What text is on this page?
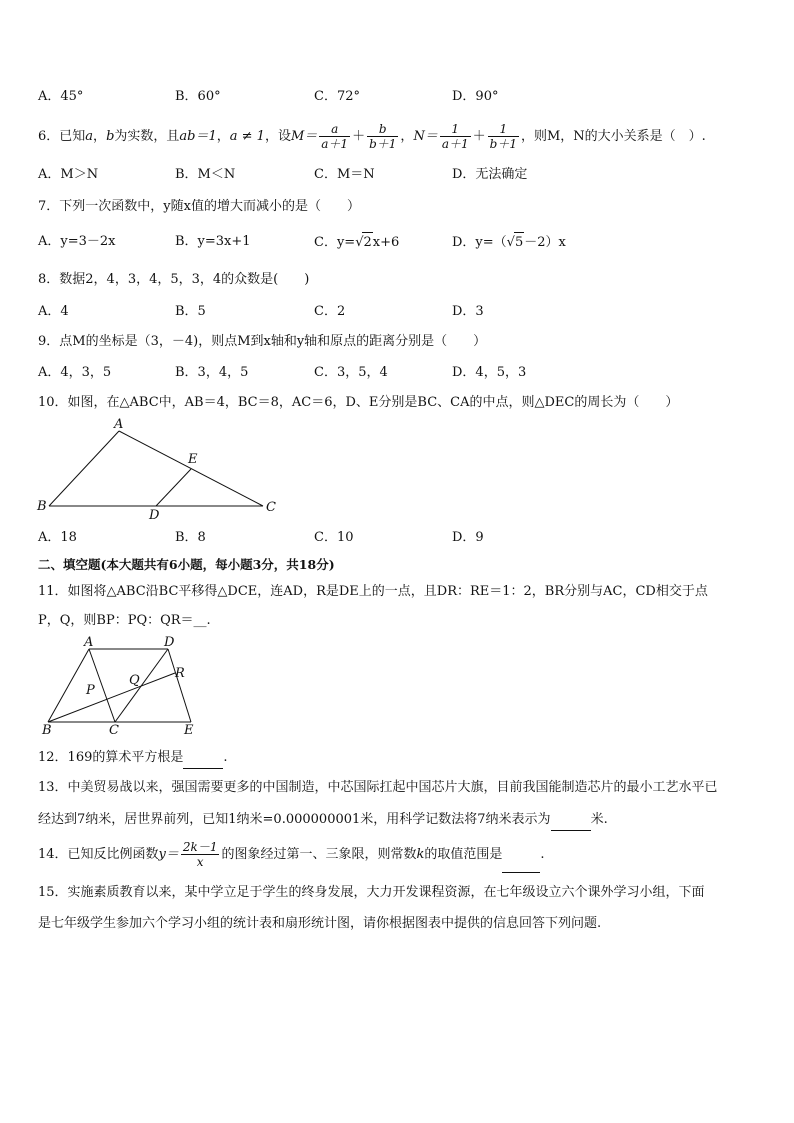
A．45°	B．60°	C．72°	D．90°
6．已知a，b为实数，且ab＝1，a ≠ 1，设$M= \frac{a}{a+1} + \frac{b}{b+1}$ ，$N= \frac{1}{a+1} + \frac{1}{b+1}$ ，则M，N的大小关系是（　）.
A．M＞N	B．M＜N	C．M＝N	D．无法确定
7．下列一次函数中，y随x值的增大而减小的是（　　）
A．y=3－2x	B．y=3x+1	C．y=√2x+6	D．y=（√5－2）x
8．数据2，4，3，4，5，3，4的众数是(　　)
A．4	B．5	C．2	D．3
9．点M的坐标是（3，－4)，则点M到x轴和y轴和原点的距离分别是（　　）
A．4，3，5	B．3，4，5	C．3，5，4	D．4，5，3
10．如图，在△ABC中，AB＝4，BC＝8，AC＝6，D、E分别是BC、CA的中点，则△DEC的周长为（　　）
A
B	C
D
E
A．18	B．8	C．10	D．9
二、填空题(本大题共有6小题，每小题3分，共18分)
11．如图将△ABC沿BC平移得△DCE，连AD，R是DE上的一点，且DR：RE＝1：2，BR分别与AC，CD相交于点
P，Q，则BP：PQ：QR＝__.
A	D
R
P
Q
B	C	E
12．169的算术平方根是	.
13．中美贸易战以来，强国需要更多的中国制造，中芯国际扛起中国芯片大旗，目前我国能制造芯片的最小工艺水平已
经达到7纳米，居世界前列，已知1纳米=0.000000001米，用科学记数法将7纳米表示为	米.
14．已知反比例函数$y= \frac{2k-1}{x}$ 的图象经过第一、三象限，则常数k的取值范围是	.
15．实施素质教育以来，某中学立足于学生的终身发展，大力开发课程资源，在七年级设立六个课外学习小组，下面
是七年级学生参加六个学习小组的统计表和扇形统计图，请你根据图表中提供的信息回答下列问题.
